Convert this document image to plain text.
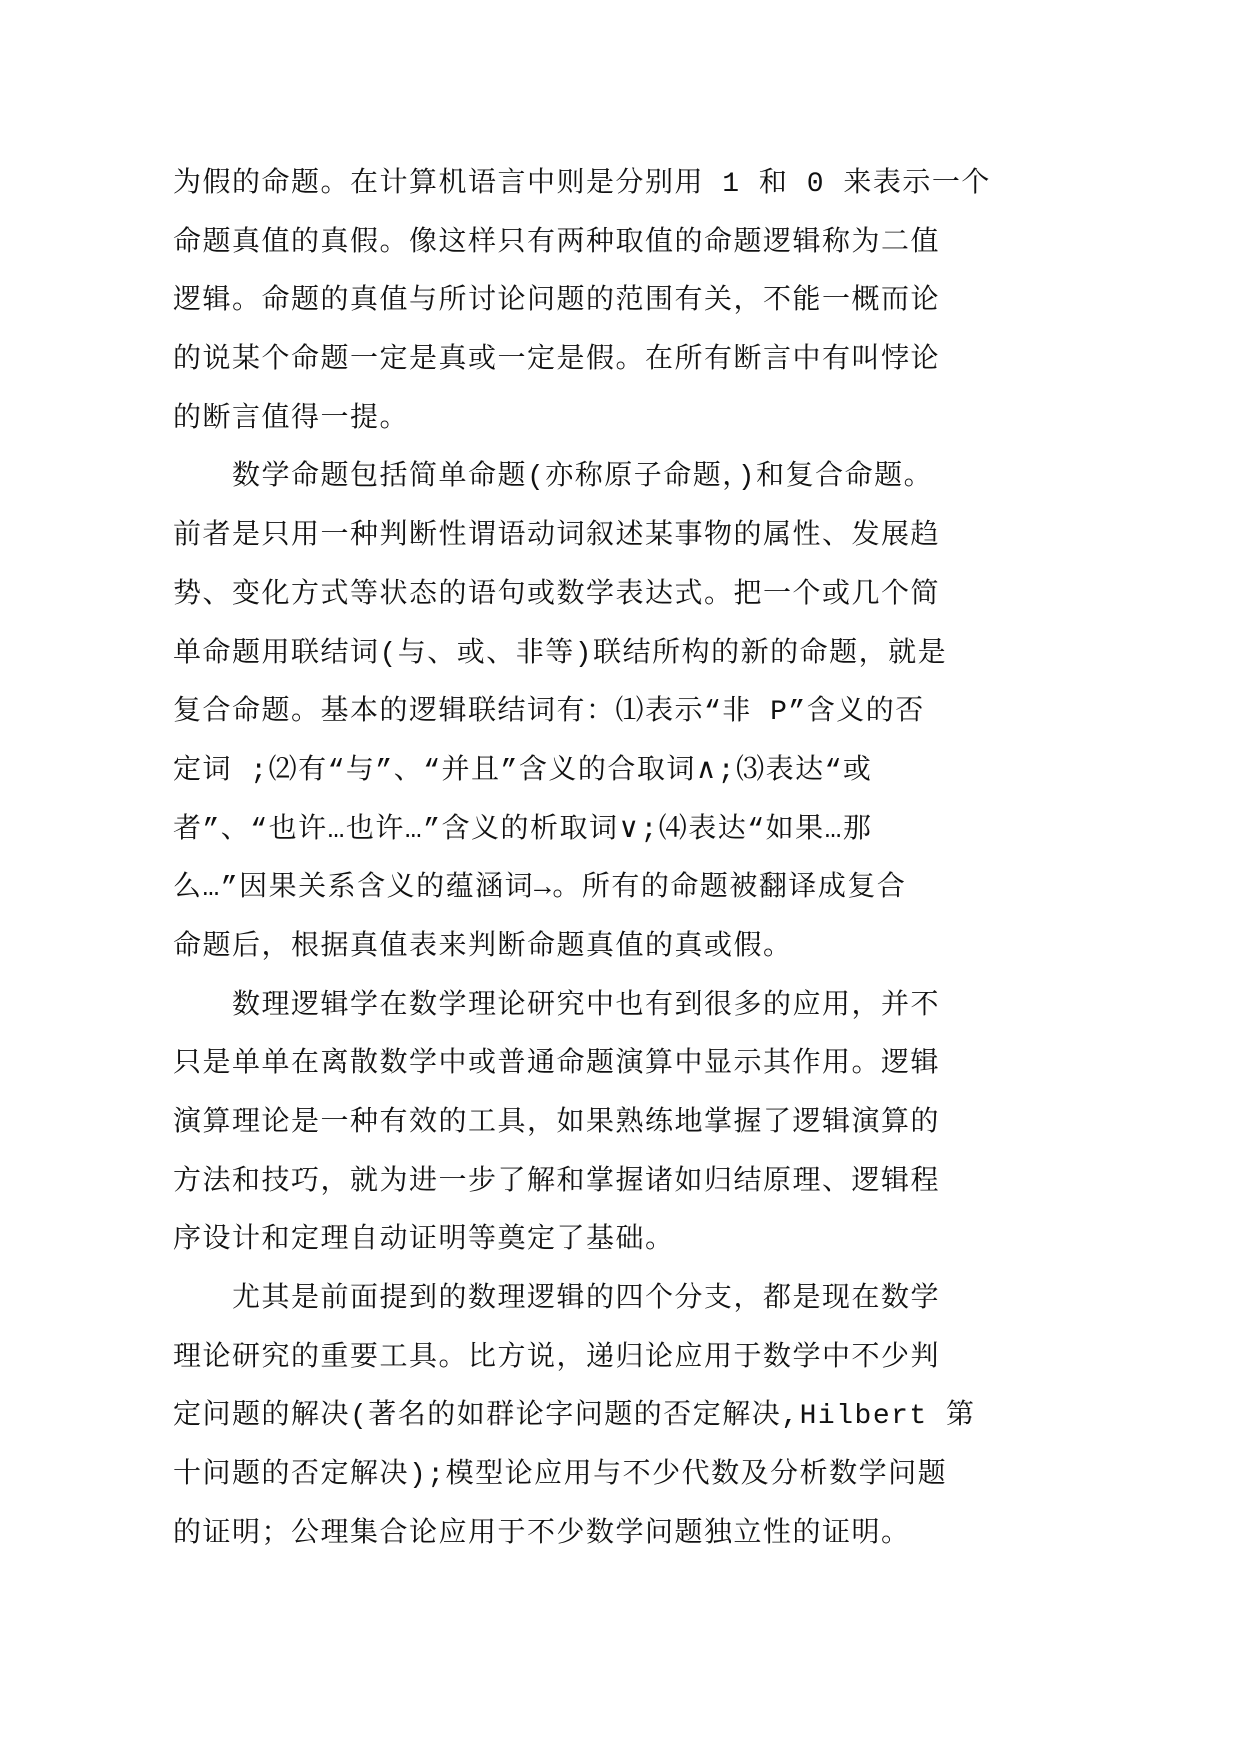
为假的命题。在计算机语言中则是分别用 1 和 0 来表示一个
命题真值的真假。像这样只有两种取值的命题逻辑称为二值
逻辑。命题的真值与所讨论问题的范围有关，不能一概而论
的说某个命题一定是真或一定是假。在所有断言中有叫悖论
的断言值得一提。
数学命题包括简单命题(亦称原子命题，)和复合命题。
前者是只用一种判断性谓语动词叙述某事物的属性、发展趋
势、变化方式等状态的语句或数学表达式。把一个或几个简
单命题用联结词(与、或、非等)联结所构的新的命题，就是
复合命题。基本的逻辑联结词有：⑴表示“非 P”含义的否
定词 ;⑵有“与”、“并且”含义的合取词∧;⑶表达“或
者”、“也许…也许…”含义的析取词∨;⑷表达“如果…那
么…”因果关系含义的蕴涵词→。所有的命题被翻译成复合
命题后，根据真值表来判断命题真值的真或假。
数理逻辑学在数学理论研究中也有到很多的应用，并不
只是单单在离散数学中或普通命题演算中显示其作用。逻辑
演算理论是一种有效的工具，如果熟练地掌握了逻辑演算的
方法和技巧，就为进一步了解和掌握诸如归结原理、逻辑程
序设计和定理自动证明等奠定了基础。
尤其是前面提到的数理逻辑的四个分支，都是现在数学
理论研究的重要工具。比方说，递归论应用于数学中不少判
定问题的解决(著名的如群论字问题的否定解决,Hilbert 第
十问题的否定解决);模型论应用与不少代数及分析数学问题
的证明；公理集合论应用于不少数学问题独立性的证明。
